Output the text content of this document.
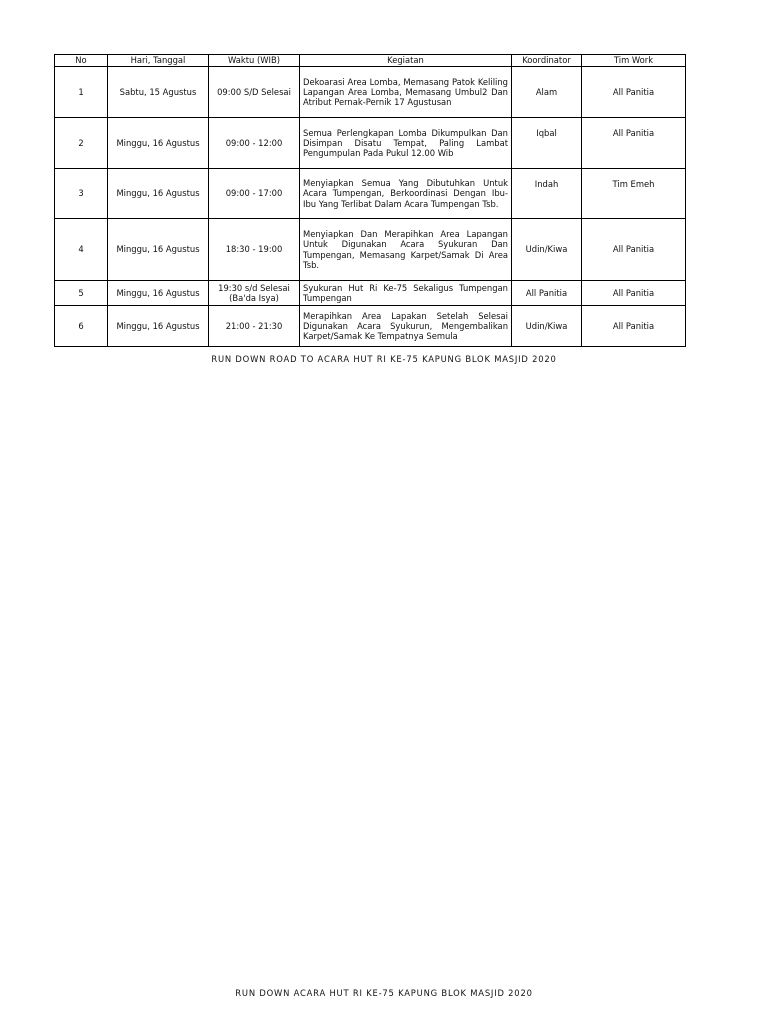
No	Hari, Tanggal	Waktu (WIB)	Kegiatan	Koordinator	Tim Work
1	Sabtu, 15 Agustus	09:00 S/D Selesai	Dekoarasi Area Lomba, Memasang Patok Keliling Lapangan Area Lomba, Memasang Umbul2 Dan Atribut Pernak-Pernik 17 Agustusan	Alam	All Panitia
2	Minggu, 16 Agustus	09:00 - 12:00	Semua Perlengkapan Lomba Dikumpulkan Dan Disimpan Disatu Tempat, Paling Lambat Pengumpulan Pada Pukul 12.00 Wib	Iqbal	All Panitia
3	Minggu, 16 Agustus	09:00 - 17:00	Menyiapkan Semua Yang Dibutuhkan Untuk Acara Tumpengan, Berkoordinasi Dengan Ibu-Ibu Yang Terlibat Dalam Acara Tumpengan Tsb.	Indah	Tim Emeh
4	Minggu, 16 Agustus	18:30 - 19:00	Menyiapkan Dan Merapihkan Area Lapangan Untuk Digunakan Acara Syukuran Dan Tumpengan, Memasang Karpet/Samak Di Area Tsb.	Udin/Kiwa	All Panitia
5	Minggu, 16 Agustus	19:30 s/d Selesai (Ba'da Isya)	Syukuran Hut Ri Ke-75 Sekaligus Tumpengan Tumpengan	All Panitia	All Panitia
6	Minggu, 16 Agustus	21:00 - 21:30	Merapihkan Area Lapakan Setelah Selesai Digunakan Acara Syukurun, Mengembalikan Karpet/Samak Ke Tempatnya Semula	Udin/Kiwa	All Panitia
RUN DOWN ROAD TO ACARA HUT RI KE-75 KAPUNG BLOK MASJID 2020
RUN DOWN ACARA HUT RI KE-75 KAPUNG BLOK MASJID 2020
